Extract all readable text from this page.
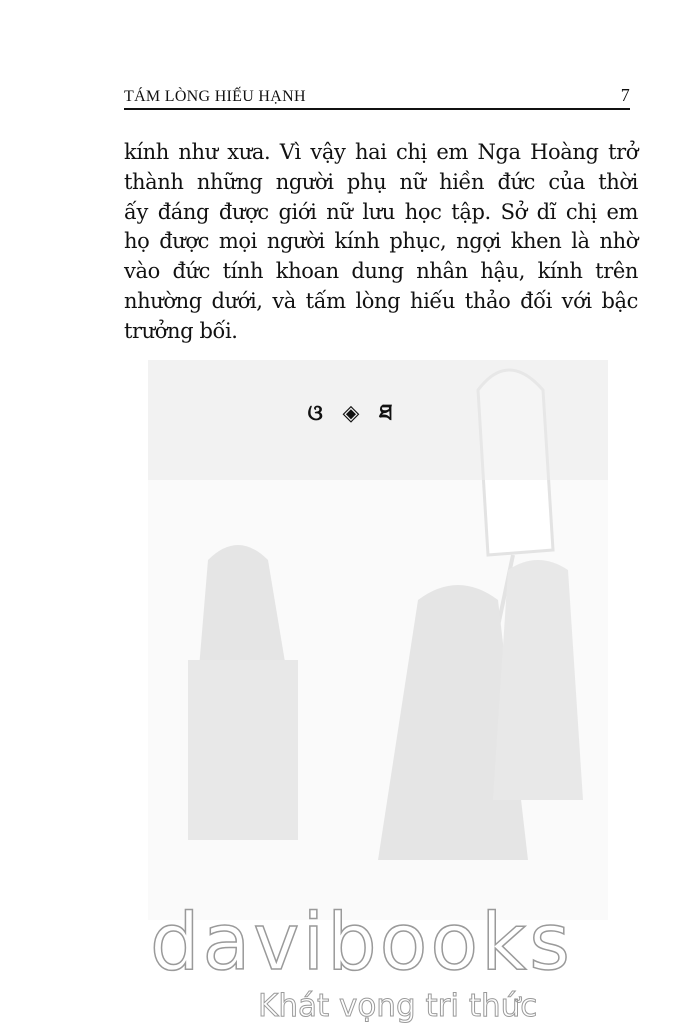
TÁM LÒNG HIẾU HẠNH	7
kính như xưa. Vì vậy hai chị em Nga Hoàng trở
thành những người phụ nữ hiền đức của thời
ấy đáng được giới nữ lưu học tập. Sở dĩ chị em
họ được mọi người kính phục, ngợi khen là nhờ
vào đức tính khoan dung nhân hậu, kính trên
nhường dưới, và tấm lòng hiếu thảo đối với bậc
trưởng bối.
ଓ ◈ ཐ
davibooks
Khát vọng tri thức
